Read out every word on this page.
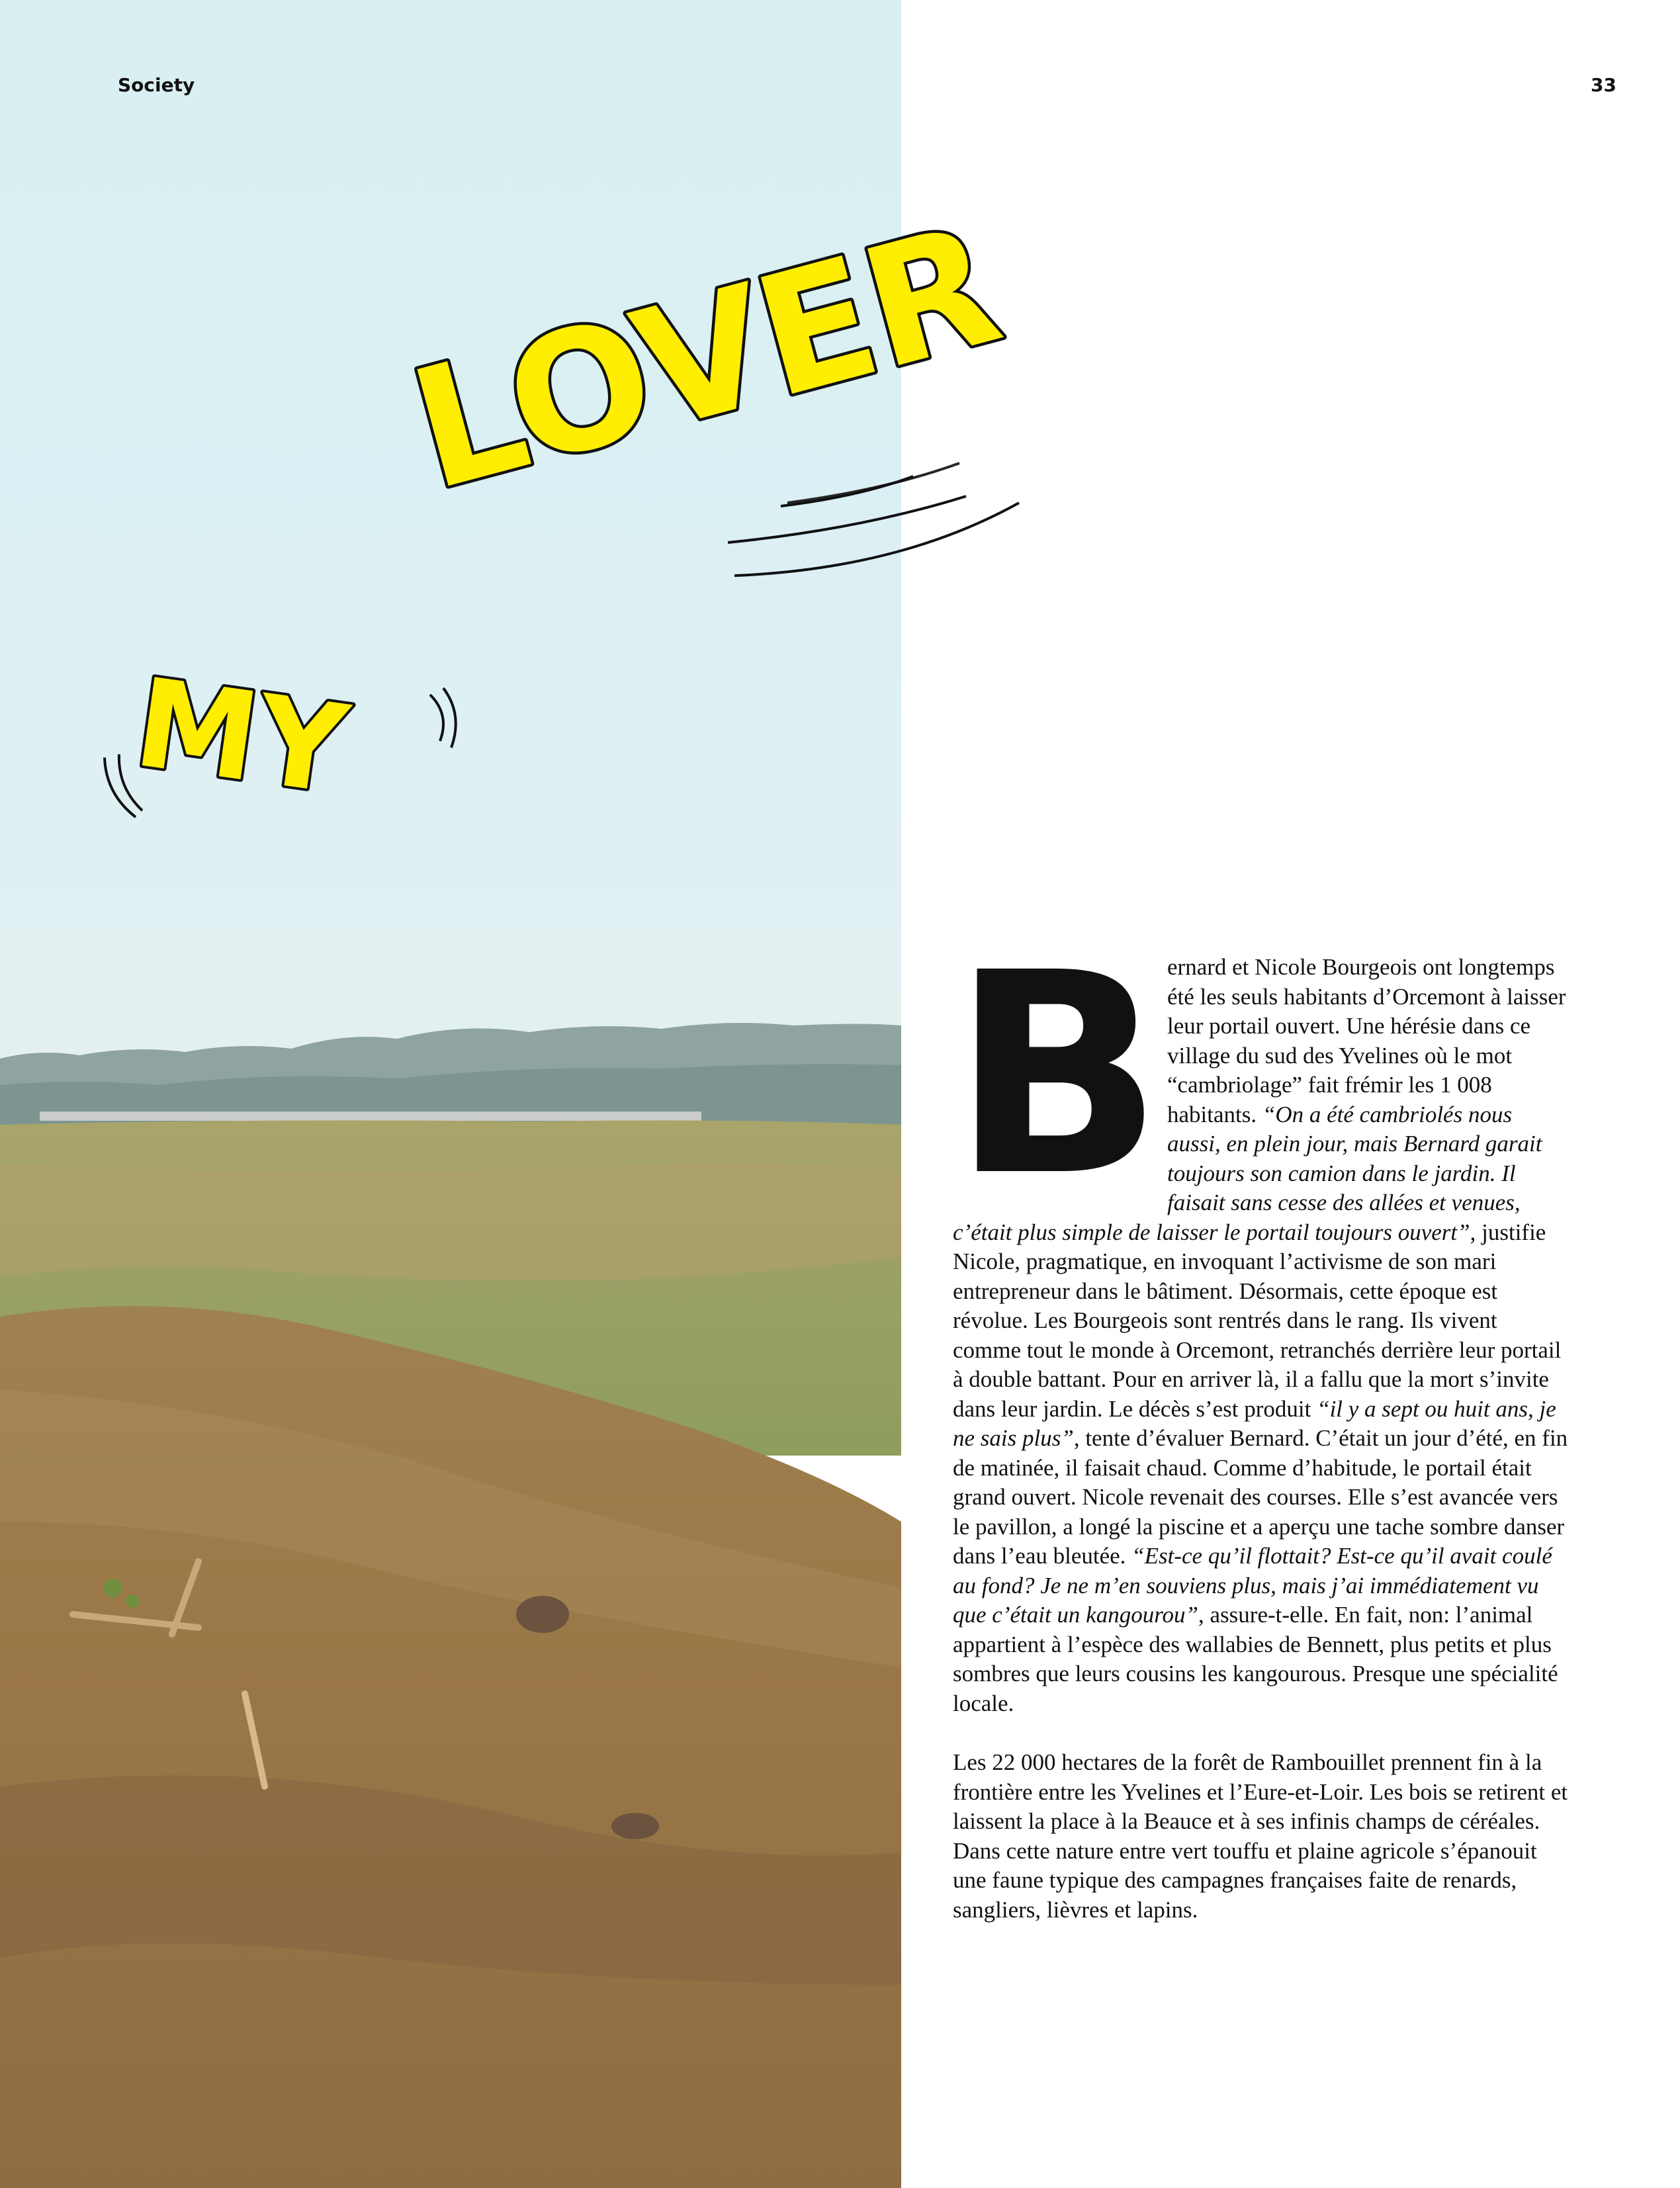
Society	33
LOVER
MY

B ernard et Nicole Bourgeois ont longtemps été les seuls habitants d’Orcemont à laisser leur portail ouvert. Une hérésie dans ce village du sud des Yvelines où le mot “cambriolage” fait frémir les 1 008 habitants. “On a été cambriolés nous aussi, en plein jour, mais Bernard garait toujours son camion dans le jardin. Il faisait sans cesse des allées et venues, c’était plus simple de laisser le portail toujours ouvert”, justifie Nicole, pragmatique, en invoquant l’activisme de son mari entrepreneur dans le bâtiment. Désormais, cette époque est révolue. Les Bourgeois sont rentrés dans le rang. Ils vivent comme tout le monde à Orcemont, retranchés derrière leur portail à double battant. Pour en arriver là, il a fallu que la mort s’invite dans leur jardin. Le décès s’est produit “il y a sept ou huit ans, je ne sais plus”, tente d’évaluer Bernard. C’était un jour d’été, en fin de matinée, il faisait chaud. Comme d’habitude, le portail était grand ouvert. Nicole revenait des courses. Elle s’est avancée vers le pavillon, a longé la piscine et a aperçu une tache sombre danser dans l’eau bleutée. “Est-ce qu’il flottait? Est-ce qu’il avait coulé au fond? Je ne m’en souviens plus, mais j’ai immédiatement vu que c’était un kangourou”, assure-t-elle. En fait, non: l’animal appartient à l’espèce des wallabies de Bennett, plus petits et plus sombres que leurs cousins les kangourous. Presque une spécialité locale.

Les 22 000 hectares de la forêt de Rambouillet prennent fin à la frontière entre les Yvelines et l’Eure-et-Loir. Les bois se retirent et laissent la place à la Beauce et à ses infinis champs de céréales. Dans cette nature entre vert touffu et plaine agricole s’épanouit une faune typique des campagnes françaises faite de renards, sangliers, lièvres et lapins.
